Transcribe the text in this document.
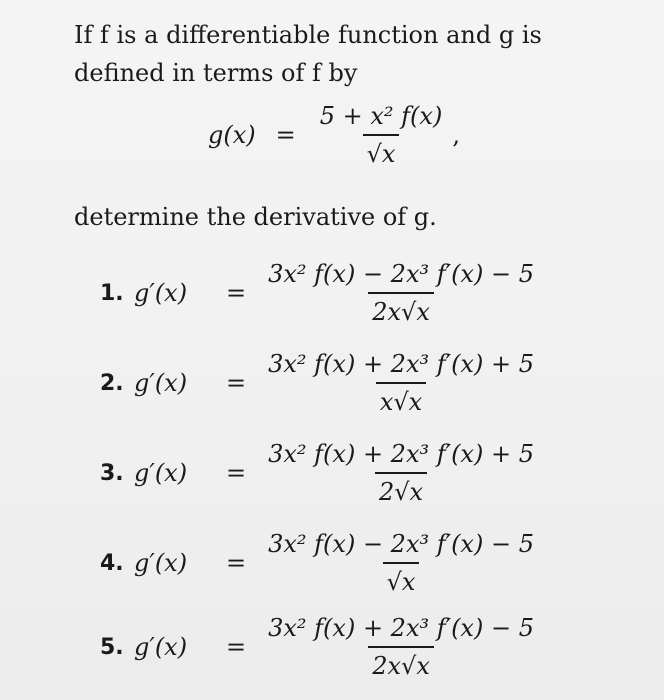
If f is a differentiable function and g is
defined in terms of f by
$g(x) = \frac{\text{5 + x² f(x)}}{√x}$ ,
determine the derivative of g.
1. g′(x)	= $\frac{\text{3x² f(x) − 2x³ f′(x) − 5}}{2x√x}$
2. g′(x)	= $\frac{\text{3x² f(x) + 2x³ f′(x) + 5}}{x√x}$
3. g′(x)	= $\frac{\text{3x² f(x) + 2x³ f′(x) + 5}}{2√x}$
4. g′(x)	= $\frac{\text{3x² f(x) − 2x³ f′(x) − 5}}{√x}$
5. g′(x)	= $\frac{\text{3x² f(x) + 2x³ f′(x) − 5}}{2x√x}$
